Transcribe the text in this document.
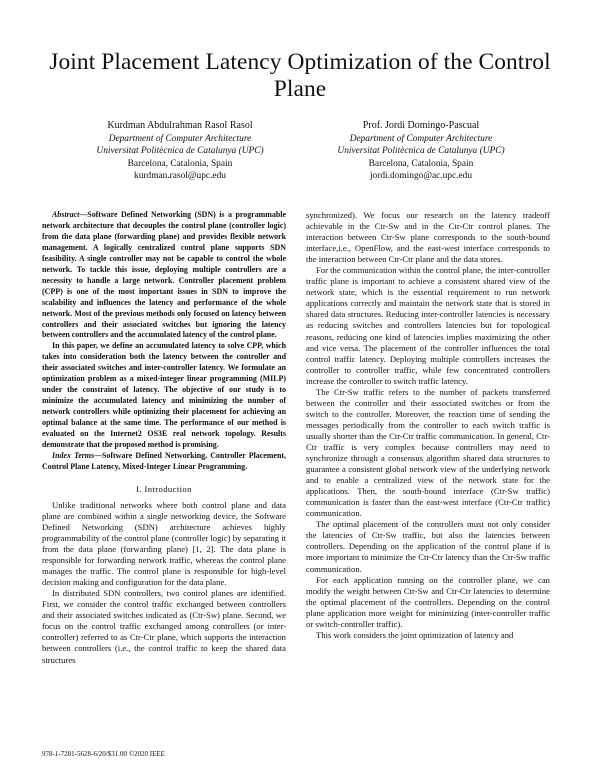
Joint Placement Latency Optimization of the Control Plane
Kurdman Abdulrahman Rasol Rasol
Department of Computer Architecture
Universitat Politècnica de Catalunya (UPC)
Barcelona, Catalonia, Spain
kurdman.rasol@upc.edu
Prof. Jordi Domingo-Pascual
Department of Computer Architecture
Universitat Politècnica de Catalunya (UPC)
Barcelona, Catalonia, Spain
jordi.domingo@ac.upc.edu

Abstract—Software Defined Networking (SDN) is a programmable network architecture that decouples the control plane (controller logic) from the data plane (forwarding plane) and provides flexible network management. A logically centralized control plane supports SDN feasibility. A single controller may not be capable to control the whole network. To tackle this issue, deploying multiple controllers are a necessity to handle a large network. Controller placement problem (CPP) is one of the most important issues in SDN to improve the scalability and influences the latency and performance of the whole network. Most of the previous methods only focused on latency between controllers and their associated switches but ignoring the latency between controllers and the accumulated latency of the control plane.

In this paper, we define an accumulated latency to solve CPP, which takes into consideration both the latency between the controller and their associated switches and inter-controller latency. We formulate an optimization problem as a mixed-integer linear programming (MILP) under the constraint of latency. The objective of our study is to minimize the accumulated latency and minimizing the number of network controllers while optimizing their placement for achieving an optimal balance at the same time. The performance of our method is evaluated on the Internet2 OS3E real network topology. Results demonstrate that the proposed method is promising.

Index Terms—Software Defined Networking, Controller Placement, Control Plane Latency, Mixed-Integer Linear Programming.

I. Introduction

Unlike traditional networks where both control plane and data plane are combined within a single networking device, the Software Defined Networking (SDN) architecture achieves highly programmability of the control plane (controller logic) by separating it from the data plane (forwarding plane) [1, 2]. The data plane is responsible for forwarding network traffic, whereas the control plane manages the traffic. The control plane is responsible for high-level decision making and configuration for the data plane.

In distributed SDN controllers, two control planes are identified. First, we consider the control traffic exchanged between controllers and their associated switches indicated as (Ctr-Sw) plane. Second, we focus on the control traffic exchanged among controllers (or inter-controller) referred to as Ctr-Ctr plane, which supports the interaction between controllers (i.e., the control traffic to keep the shared data structures

synchronized). We focus our research on the latency tradeoff achievable in the Ctr-Sw and in the Ctr-Ctr control planes. The interaction between Ctr-Sw plane corresponds to the south-bound interface,i.e., OpenFlow, and the east-west interface corresponds to the interaction between Ctr-Ctr plane and the data stores.

For the communication within the control plane, the inter-controller traffic plane is important to achieve a consistent shared view of the network state, which is the essential requirement to run network applications correctly and maintain the network state that is stored in shared data structures. Reducing inter-controller latencies is necessary as reducing switches and controllers latencies but for topological reasons, reducing one kind of latencies implies maximizing the other and vice versa. The placement of the controller influences the total control traffic latency. Deploying multiple controllers increases the controller to controller traffic, while few concentrated controllers increase the controller to switch traffic latency.

The Ctr-Sw traffic refers to the number of packets transferred between the controller and their associated switches or from the switch to the controller. Moreover, the reaction time of sending the messages periodically from the controller to each switch traffic is usually shorter than the Ctr-Ctr traffic communication. In general, Ctr-Ctr traffic is very complex because controllers may need to synchronize through a consensus algorithm shared data structures to guarantee a consistent global network view of the underlying network and to enable a centralized view of the network state for the applications. Then, the south-bound interface (Ctr-Sw traffic) communication is faster than the east-west interface (Ctr-Ctr traffic) communication.

The optimal placement of the controllers must not only consider the latencies of Ctr-Sw traffic, but also the latencies between controllers. Depending on the application of the control plane if is more important to minimize the Ctr-Ctr latency than the Ctr-Sw traffic communication.

For each application running on the controller plane, we can modify the weight between Ctr-Sw and Ctr-Ctr latencies to determine the optimal placement of the controllers. Depending on the control plane application more weight for minimizing (inter-controller traffic or switch-controller traffic).

This work considers the joint optimization of latency and

978-1-7281-5628-6/20/$31.00 ©2020 IEEE
